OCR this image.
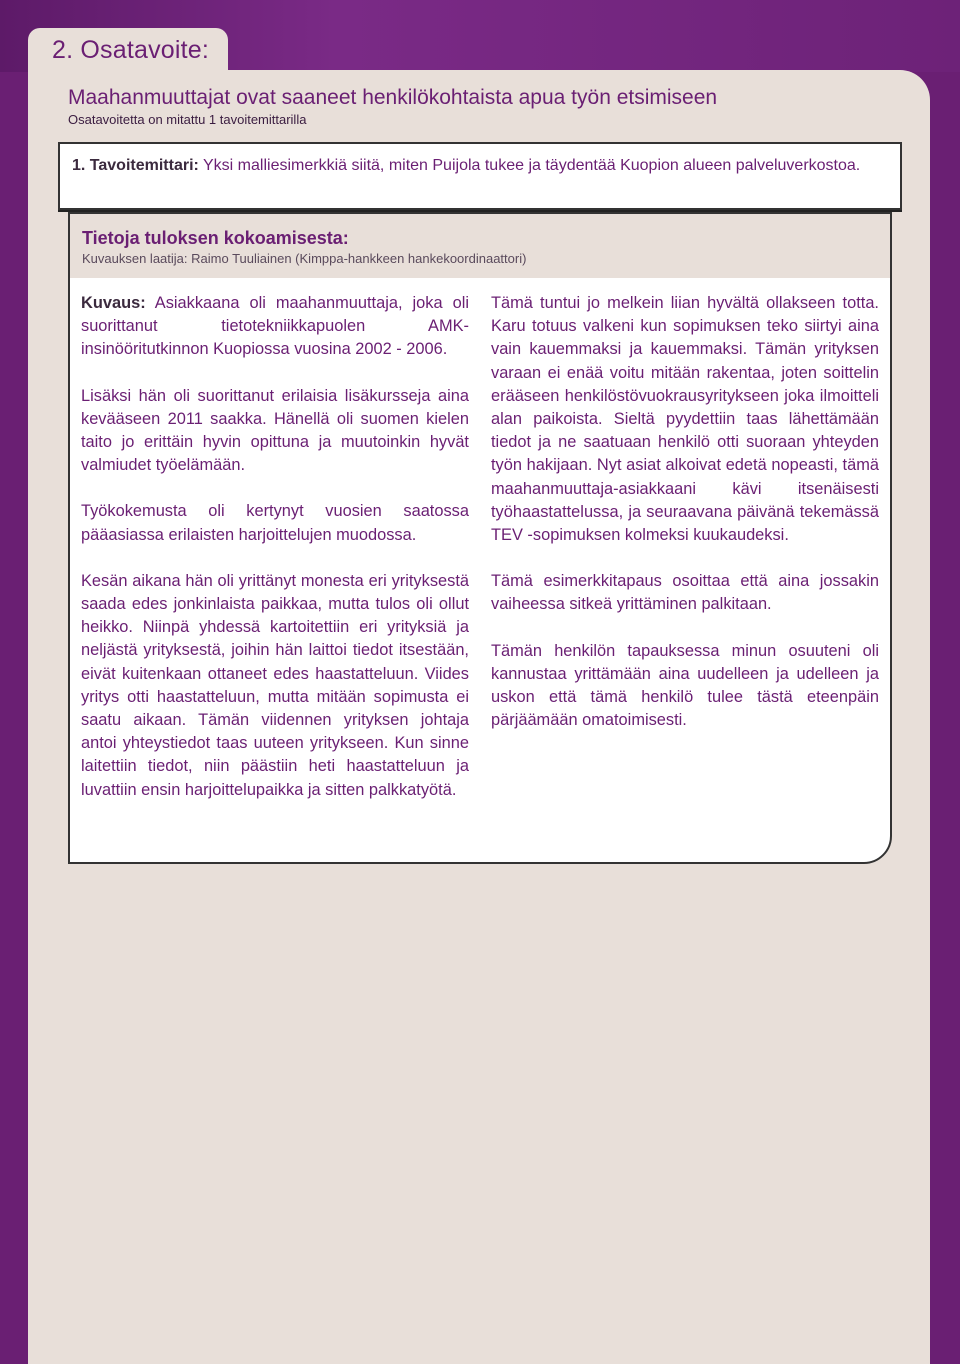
2. Osatavoite:
Maahanmuuttajat ovat saaneet henkilökohtaista apua työn etsimiseen
Osatavoitetta on mitattu 1 tavoitemittarilla
1. Tavoitemittari: Yksi malliesimerkkiä siitä, miten Puijola tukee ja täydentää Kuopion alueen palveluverkostoa.
Tietoja tuloksen kokoamisesta:
Kuvauksen laatija: Raimo Tuuliainen (Kimppa-hankkeen hankekoordinaattori)

Kuvaus: Asiakkaana oli maahanmuuttaja, joka oli suorittanut tietotekniikkapuolen AMK-insinööritutkinnon Kuopiossa vuosina 2002 - 2006.

Lisäksi hän oli suorittanut erilaisia lisäkursseja aina kevääseen 2011 saakka. Hänellä oli suomen kielen taito jo erittäin hyvin opittuna ja muutoinkin hyvät valmiudet työelämään.

Työkokemusta oli kertynyt vuosien saatossa pääasiassa erilaisten harjoittelujen muodossa.

Kesän aikana hän oli yrittänyt monesta eri yrityksestä saada edes jonkinlaista paikkaa, mutta tulos oli ollut heikko. Niinpä yhdessä kartoitettiin eri yrityksiä ja neljästä yrityksestä, joihin hän laittoi tiedot itsestään, eivät kuitenkaan ottaneet edes haastatteluun. Viides yritys otti haastatteluun, mutta mitään sopimusta ei saatu aikaan. Tämän viidennen yrityksen johtaja antoi yhteystiedot taas uuteen yritykseen. Kun sinne laitettiin tiedot, niin päästiin heti haastatteluun ja luvattiin ensin harjoittelupaikka ja sitten palkkatyötä.

Tämä tuntui jo melkein liian hyvältä ollakseen totta. Karu totuus valkeni kun sopimuksen teko siirtyi aina vain kauemmaksi ja kauemmaksi. Tämän yrityksen varaan ei enää voitu mitään rakentaa, joten soittelin erääseen henkilöstövuokrausyritykseen joka ilmoitteli alan paikoista. Sieltä pyydettiin taas lähettämään tiedot ja ne saatuaan henkilö otti suoraan yhteyden työn hakijaan. Nyt asiat alkoivat edetä nopeasti, tämä maahanmuuttaja-asiakkaani kävi itsenäisesti työhaastattelussa, ja seuraavana päivänä tekemässä TEV -sopimuksen kolmeksi kuukaudeksi.

Tämä esimerkkitapaus osoittaa että aina jossakin vaiheessa sitkeä yrittäminen palkitaan.

Tämän henkilön tapauksessa minun osuuteni oli kannustaa yrittämään aina uudelleen ja udelleen ja uskon että tämä henkilö tulee tästä eteenpäin pärjäämään omatoimisesti.
